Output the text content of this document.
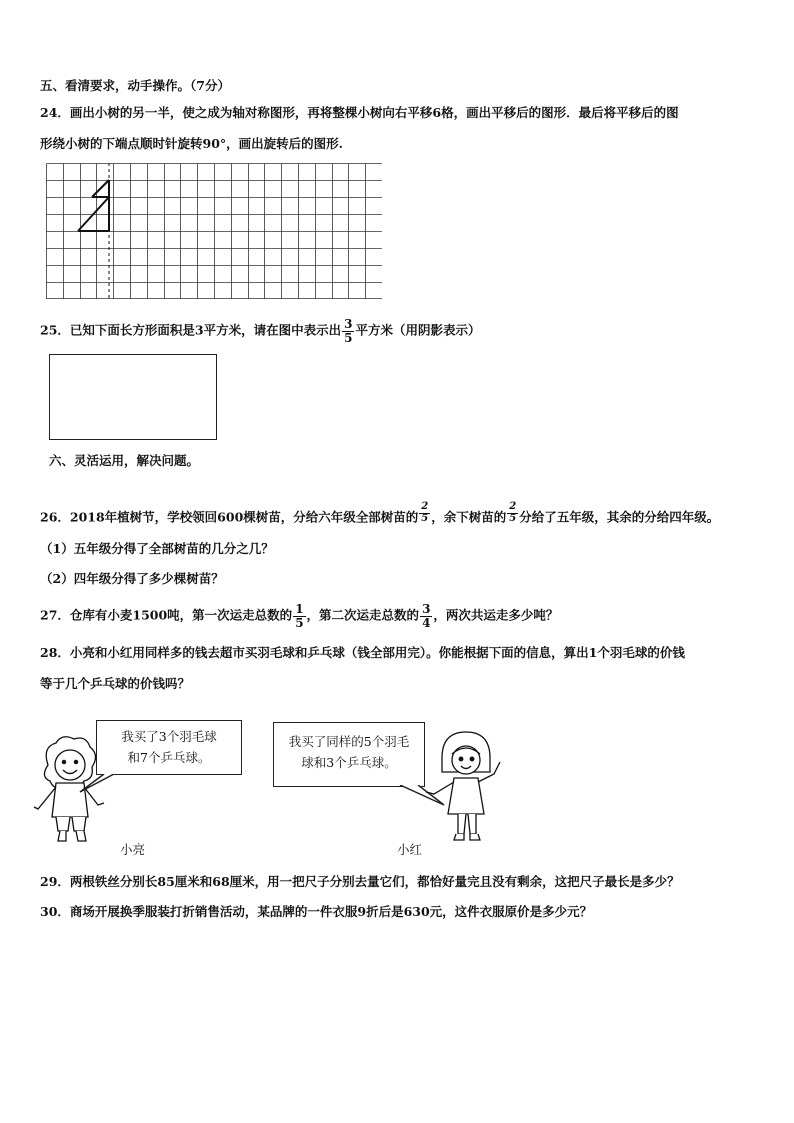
五、看清要求，动手操作。（7分）
24．画出小树的另一半，使之成为轴对称图形，再将整棵小树向右平移6格，画出平移后的图形．最后将平移后的图
形绕小树的下端点顺时针旋转90°，画出旋转后的图形.
25．已知下面长方形面积是3平方米，请在图中表示出 $\frac{3}{5}$ 平方米（用阴影表示）
六、灵活运用，解决问题。
26．2018年植树节，学校领回600棵树苗，分给六年级全部树苗的 $\frac{2}{5}$ ，余下树苗的 $\frac{2}{5}$ 分给了五年级，其余的分给四年级。
（1）五年级分得了全部树苗的几分之几？
（2）四年级分得了多少棵树苗？
27．仓库有小麦1500吨，第一次运走总数的 $\frac{1}{5}$ ，第二次运走总数的 $\frac{3}{4}$ ，两次共运走多少吨？
28．小亮和小红用同样多的钱去超市买羽毛球和乒乓球（钱全部用完）。你能根据下面的信息，算出1个羽毛球的价钱
等于几个乒乓球的价钱吗？
我买了3个羽毛球
和7个乒乓球。
小亮
我买了同样的5个羽毛
球和3个乒乓球。
小红
29．两根铁丝分别长85厘米和68厘米，用一把尺子分别去量它们，都恰好量完且没有剩余，这把尺子最长是多少？
30．商场开展换季服装打折销售活动，某品牌的一件衣服9折后是630元，这件衣服原价是多少元？
